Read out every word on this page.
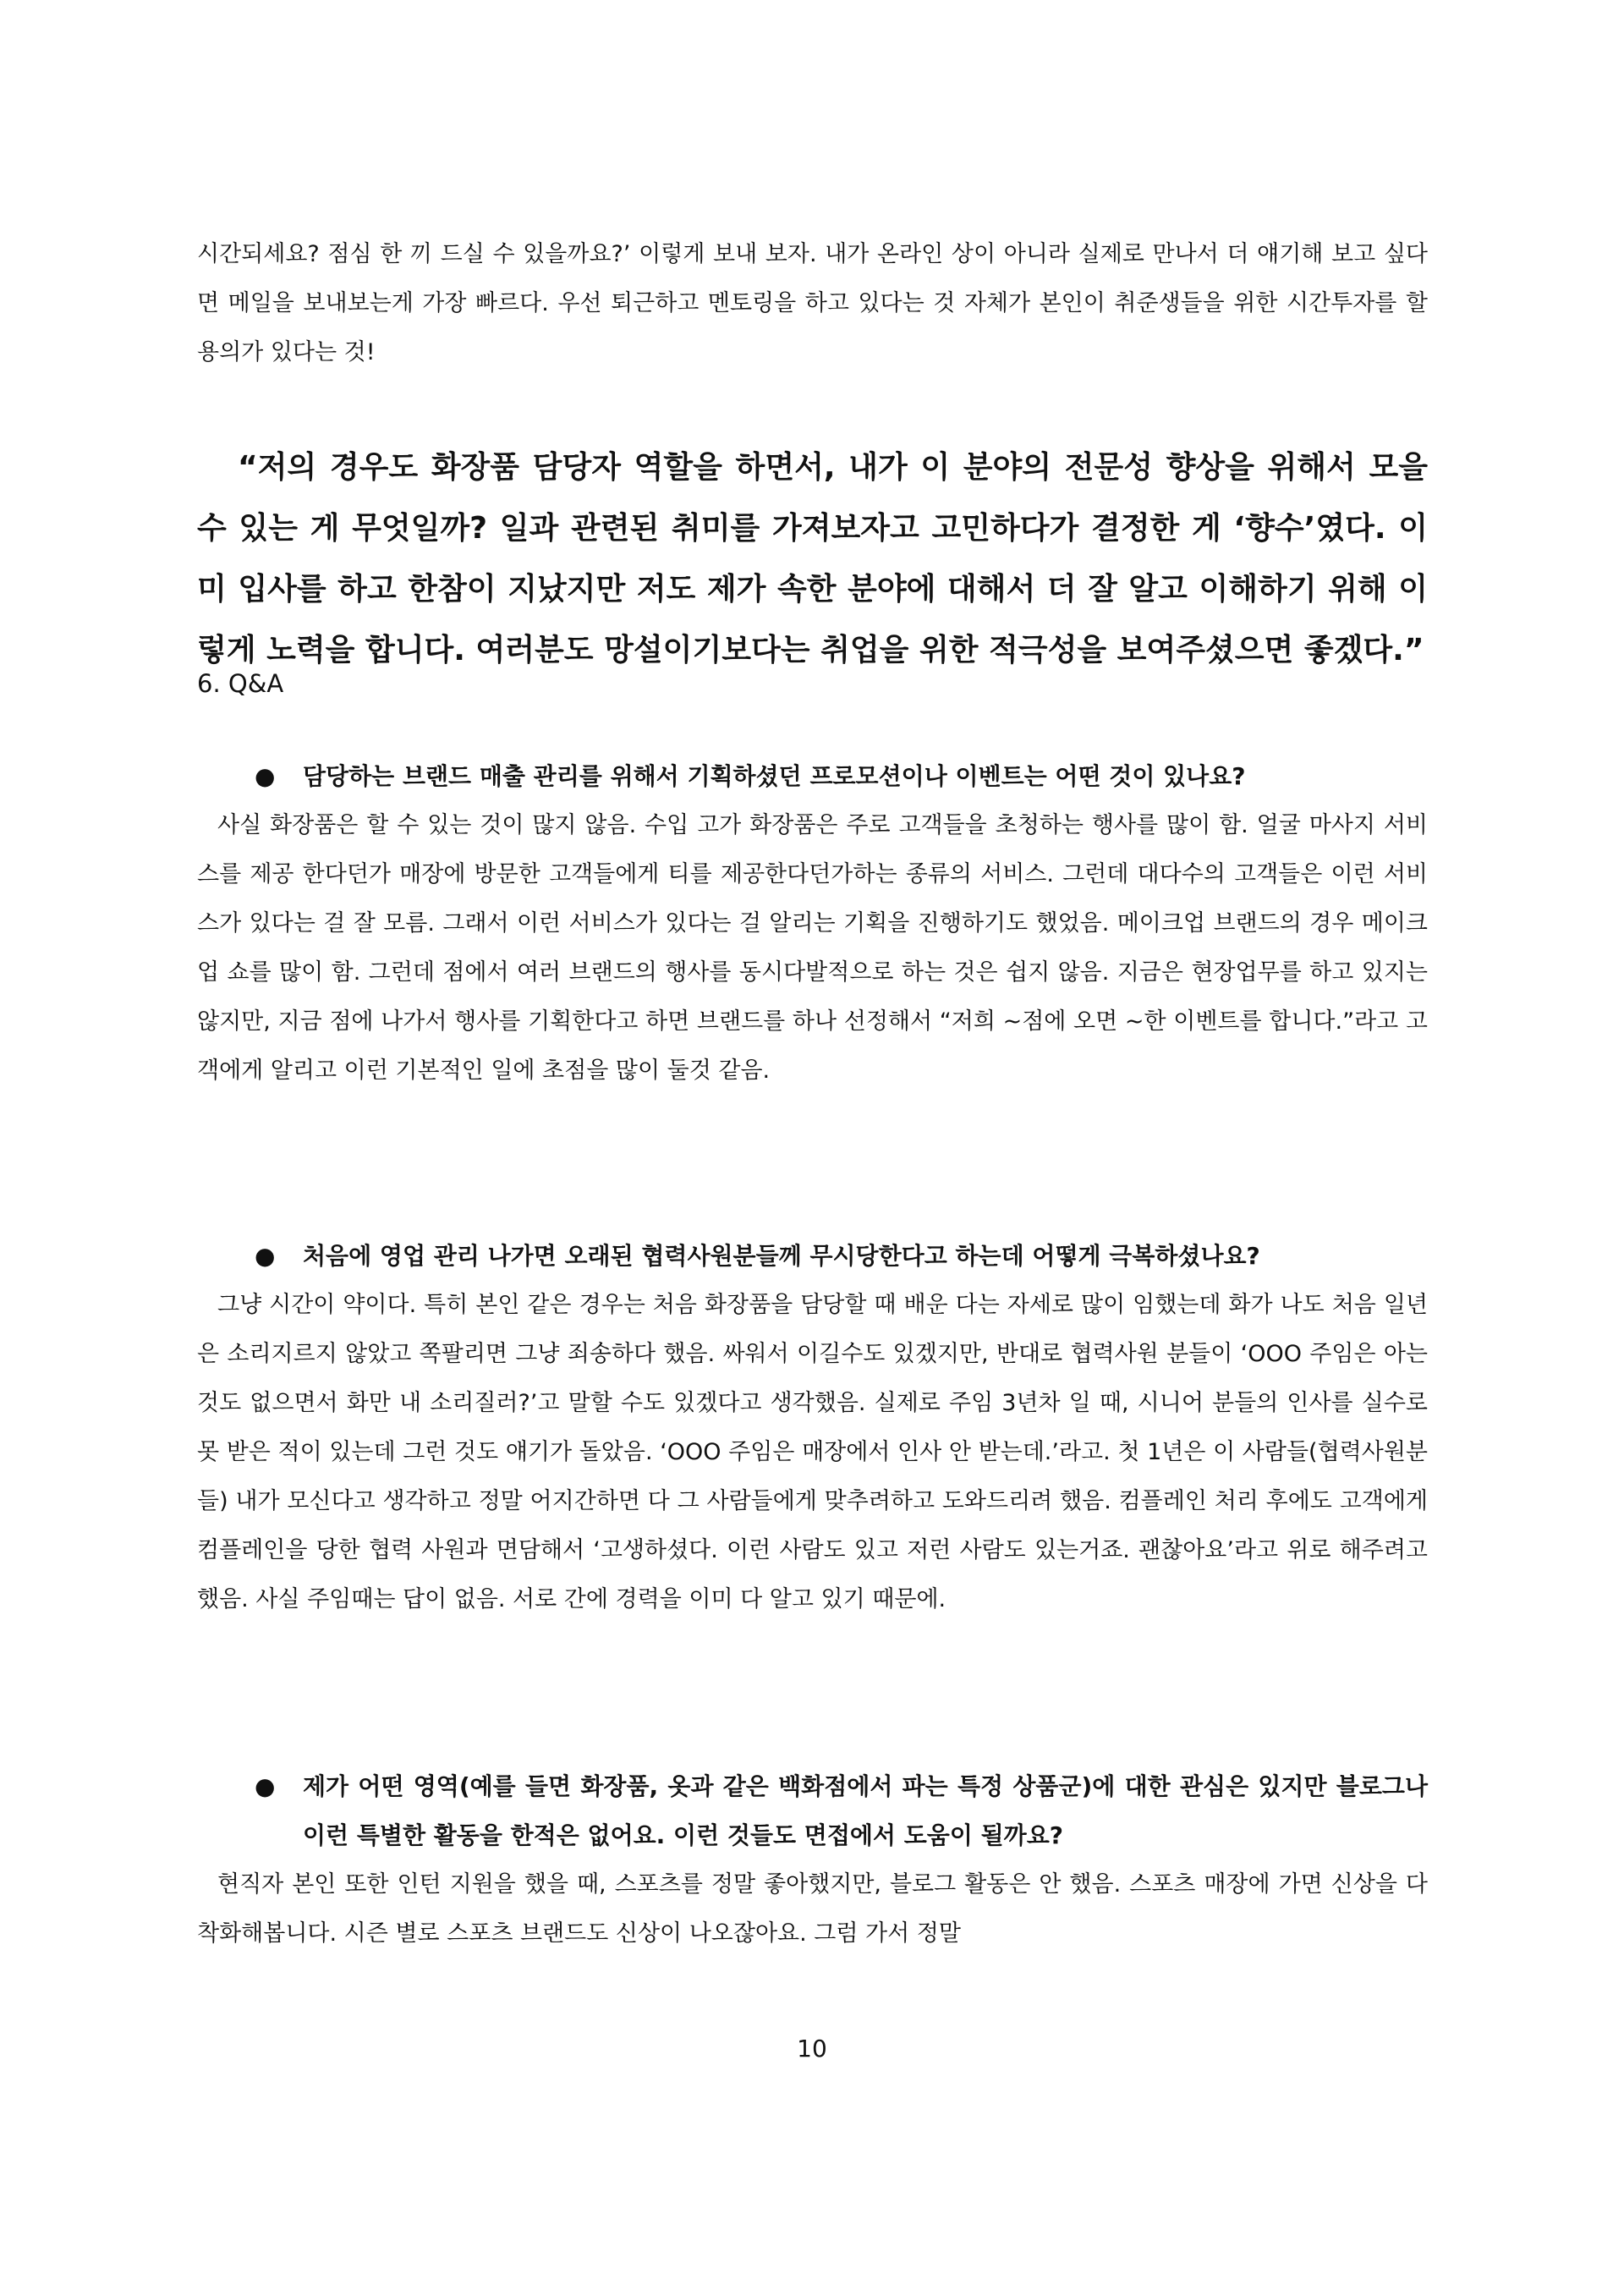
시간되세요? 점심 한 끼 드실 수 있을까요?’ 이렇게 보내 보자. 내가 온라인 상이 아니라 실제로 만나서 더 얘기해 보고 싶다면 메일을 보내보는게 가장 빠르다. 우선 퇴근하고 멘토링을 하고 있다는 것 자체가 본인이 취준생들을 위한 시간투자를 할 용의가 있다는 것!

“저의 경우도 화장품 담당자 역할을 하면서, 내가 이 분야의 전문성 향상을 위해서 모을 수 있는 게 무엇일까? 일과 관련된 취미를 가져보자고 고민하다가 결정한 게 ‘향수’였다. 이미 입사를 하고 한참이 지났지만 저도 제가 속한 분야에 대해서 더 잘 알고 이해하기 위해 이렇게 노력을 합니다. 여러분도 망설이기보다는 취업을 위한 적극성을 보여주셨으면 좋겠다.”

6. Q&A

● 담당하는 브랜드 매출 관리를 위해서 기획하셨던 프로모션이나 이벤트는 어떤 것이 있나요?

사실 화장품은 할 수 있는 것이 많지 않음. 수입 고가 화장품은 주로 고객들을 초청하는 행사를 많이 함. 얼굴 마사지 서비스를 제공 한다던가 매장에 방문한 고객들에게 티를 제공한다던가하는 종류의 서비스. 그런데 대다수의 고객들은 이런 서비스가 있다는 걸 잘 모름. 그래서 이런 서비스가 있다는 걸 알리는 기획을 진행하기도 했었음. 메이크업 브랜드의 경우 메이크업 쇼를 많이 함. 그런데 점에서 여러 브랜드의 행사를 동시다발적으로 하는 것은 쉽지 않음. 지금은 현장업무를 하고 있지는 않지만, 지금 점에 나가서 행사를 기획한다고 하면 브랜드를 하나 선정해서 “저희 ~점에 오면 ~한 이벤트를 합니다.”라고 고객에게 알리고 이런 기본적인 일에 초점을 많이 둘것 같음.

● 처음에 영업 관리 나가면 오래된 협력사원분들께 무시당한다고 하는데 어떻게 극복하셨나요?

그냥 시간이 약이다. 특히 본인 같은 경우는 처음 화장품을 담당할 때 배운 다는 자세로 많이 임했는데 화가 나도 처음 일년은 소리지르지 않았고 쪽팔리면 그냥 죄송하다 했음. 싸워서 이길수도 있겠지만, 반대로 협력사원 분들이 ‘OOO 주임은 아는 것도 없으면서 화만 내 소리질러?’고 말할 수도 있겠다고 생각했음. 실제로 주임 3년차 일 때, 시니어 분들의 인사를 실수로 못 받은 적이 있는데 그런 것도 얘기가 돌았음. ‘OOO 주임은 매장에서 인사 안 받는데.’라고. 첫 1년은 이 사람들(협력사원분들) 내가 모신다고 생각하고 정말 어지간하면 다 그 사람들에게 맞추려하고 도와드리려 했음. 컴플레인 처리 후에도 고객에게 컴플레인을 당한 협력 사원과 면담해서 ‘고생하셨다. 이런 사람도 있고 저런 사람도 있는거죠. 괜찮아요’라고 위로 해주려고 했음. 사실 주임때는 답이 없음. 서로 간에 경력을 이미 다 알고 있기 때문에.

● 제가 어떤 영역(예를 들면 화장품, 옷과 같은 백화점에서 파는 특정 상품군)에 대한 관심은 있지만 블로그나 이런 특별한 활동을 한적은 없어요. 이런 것들도 면접에서 도움이 될까요?

현직자 본인 또한 인턴 지원을 했을 때, 스포츠를 정말 좋아했지만, 블로그 활동은 안 했음. 스포츠 매장에 가면 신상을 다 착화해봅니다. 시즌 별로 스포츠 브랜드도 신상이 나오잖아요. 그럼 가서 정말

10
